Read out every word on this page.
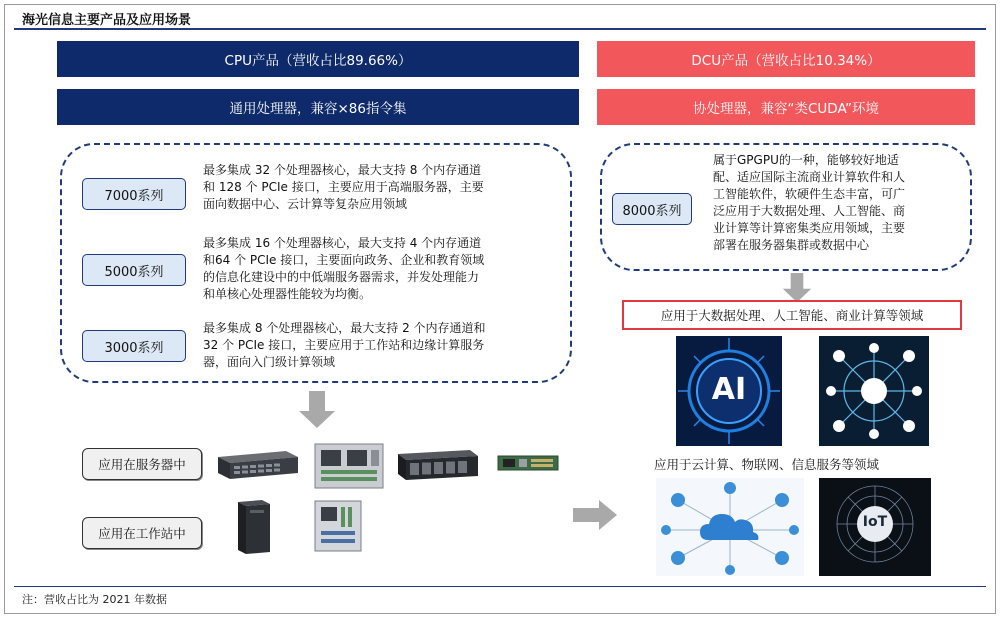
海光信息主要产品及应用场景
CPU产品（营收占比89.66%）
通用处理器，兼容×86指令集
DCU产品（营收占比10.34%）
协处理器，兼容“类CUDA”环境
7000系列
最多集成 32 个处理器核心，最大支持 8 个内存通道
和 128 个 PCIe 接口，主要应用于高端服务器，主要
面向数据中心、云计算等复杂应用领域
5000系列
最多集成 16 个处理器核心，最大支持 4 个内存通道
和64 个 PCIe 接口，主要面向政务、企业和教育领域
的信息化建设中的中低端服务器需求，并发处理能力
和单核心处理器性能较为均衡。
3000系列
最多集成 8 个处理器核心，最大支持 2 个内存通道和
32 个 PCIe 接口，主要应用于工作站和边缘计算服务
器，面向入门级计算领域
8000系列
属于GPGPU的一种，能够较好地适
配、适应国际主流商业计算软件和人
工智能软件，软硬件生态丰富，可广
泛应用于大数据处理、人工智能、商
业计算等计算密集类应用领域，主要
部署在服务器集群或数据中心
应用于大数据处理、人工智能、商业计算等领域
应用在服务器中
应用在工作站中
AI
应用于云计算、物联网、信息服务等领域
IoT
注：营收占比为 2021 年数据
